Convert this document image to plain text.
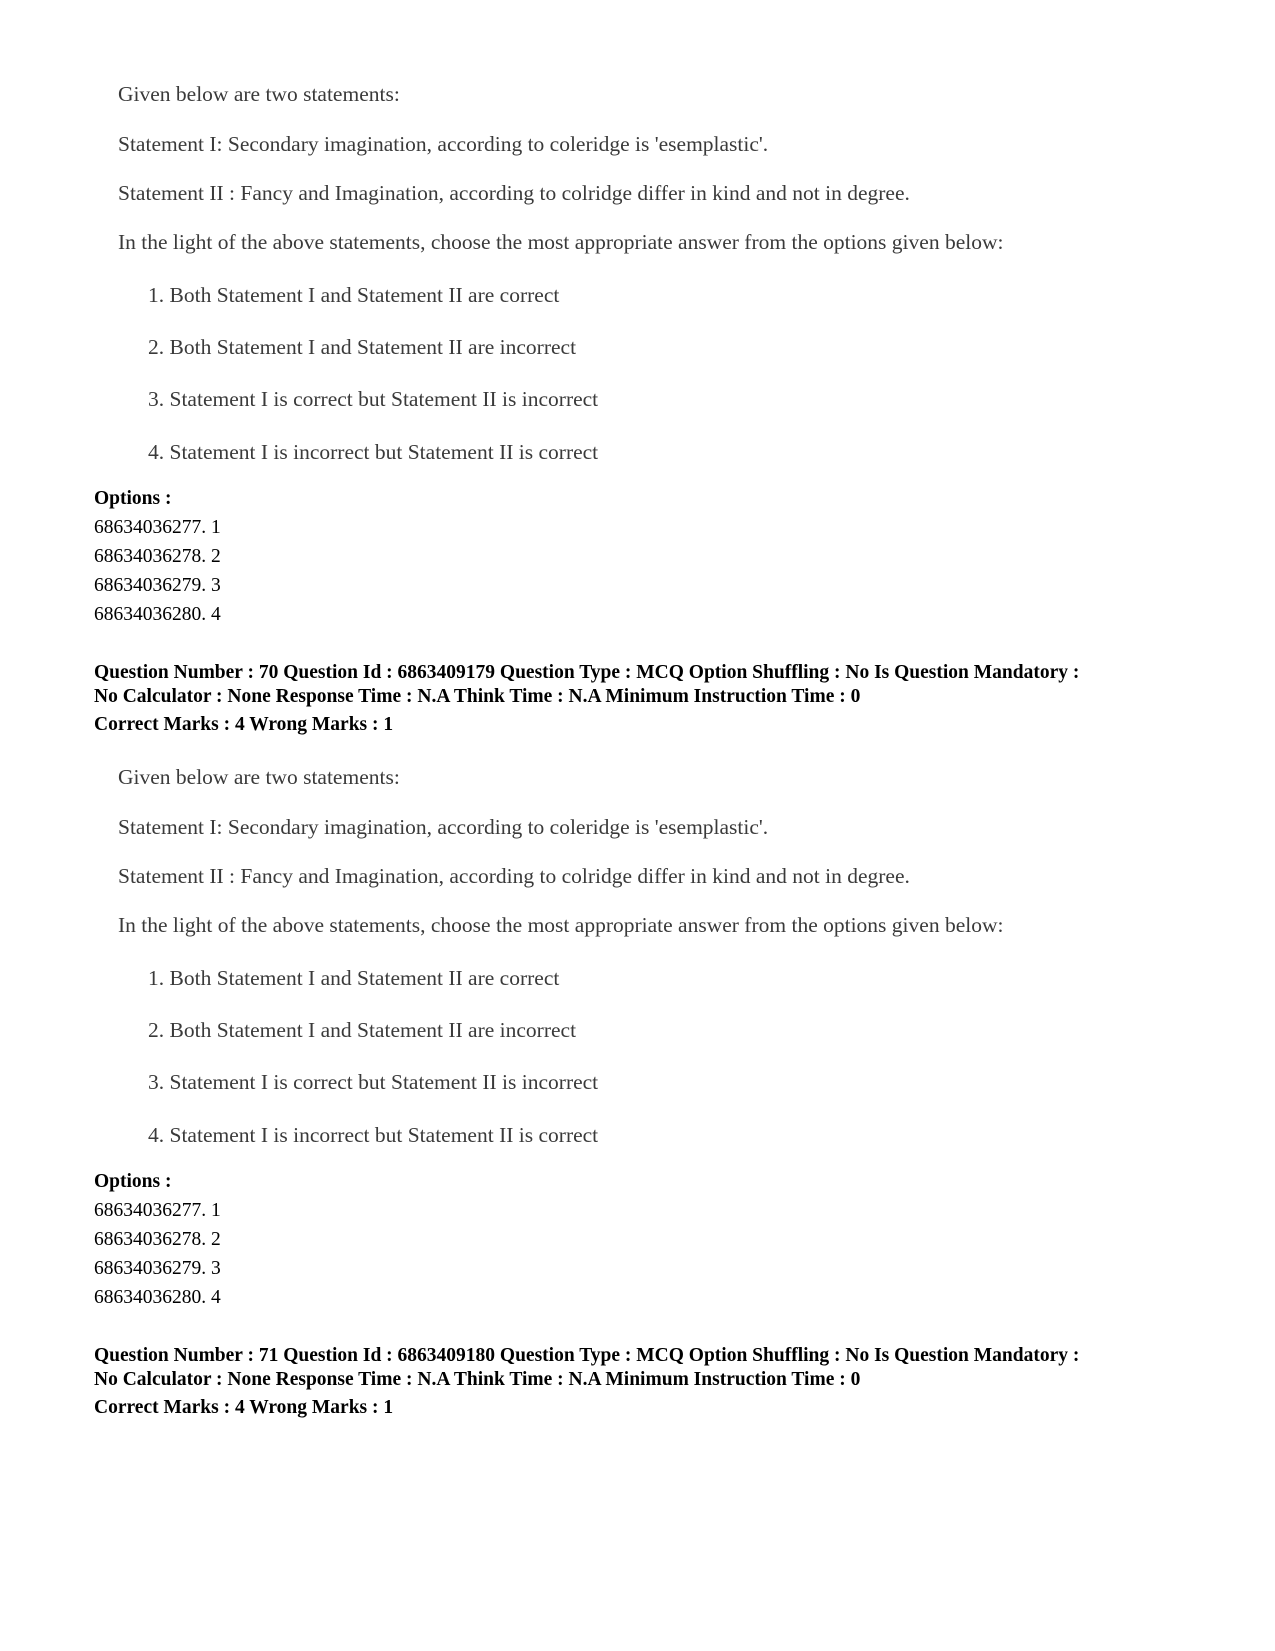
Given below are two statements:
Statement I: Secondary imagination, according to coleridge is 'esemplastic'.
Statement II : Fancy and Imagination, according to colridge differ in kind and not in degree.
In the light of the above statements, choose the most appropriate answer from the options given below:
1. Both Statement I and Statement II are correct
2. Both Statement I and Statement II are incorrect
3. Statement I is correct but Statement II is incorrect
4. Statement I is incorrect but Statement II is correct

Options :

68634036277. 1

68634036278. 2

68634036279. 3

68634036280. 4

Question Number : 70 Question Id : 6863409179 Question Type : MCQ Option Shuffling : No Is Question Mandatory :
No Calculator : None Response Time : N.A Think Time : N.A Minimum Instruction Time : 0
Correct Marks : 4 Wrong Marks : 1
Given below are two statements:
Statement I: Secondary imagination, according to coleridge is 'esemplastic'.
Statement II : Fancy and Imagination, according to colridge differ in kind and not in degree.
In the light of the above statements, choose the most appropriate answer from the options given below:
1. Both Statement I and Statement II are correct
2. Both Statement I and Statement II are incorrect
3. Statement I is correct but Statement II is incorrect
4. Statement I is incorrect but Statement II is correct

Options :

68634036277. 1

68634036278. 2

68634036279. 3

68634036280. 4

Question Number : 71 Question Id : 6863409180 Question Type : MCQ Option Shuffling : No Is Question Mandatory :
No Calculator : None Response Time : N.A Think Time : N.A Minimum Instruction Time : 0
Correct Marks : 4 Wrong Marks : 1
